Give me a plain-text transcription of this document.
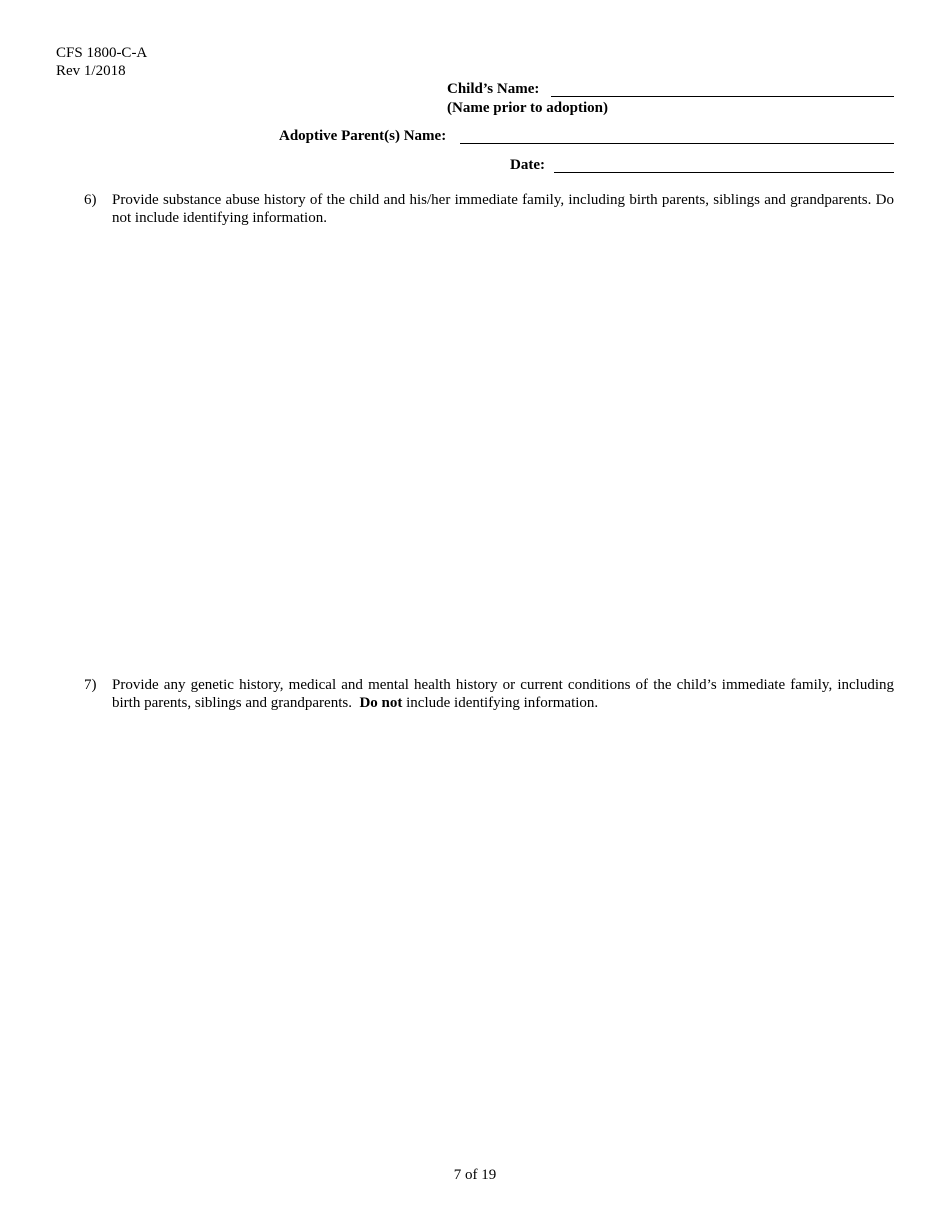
CFS 1800-C-A
Rev 1/2018
Child’s Name:
(Name prior to adoption)
Adoptive Parent(s) Name:
Date:
6)	Provide substance abuse history of the child and his/her immediate family, including birth parents, siblings and grandparents. Do not include identifying information.
7)	Provide any genetic history, medical and mental health history or current conditions of the child’s immediate family, including birth parents, siblings and grandparents. Do not include identifying information.
7 of 19
